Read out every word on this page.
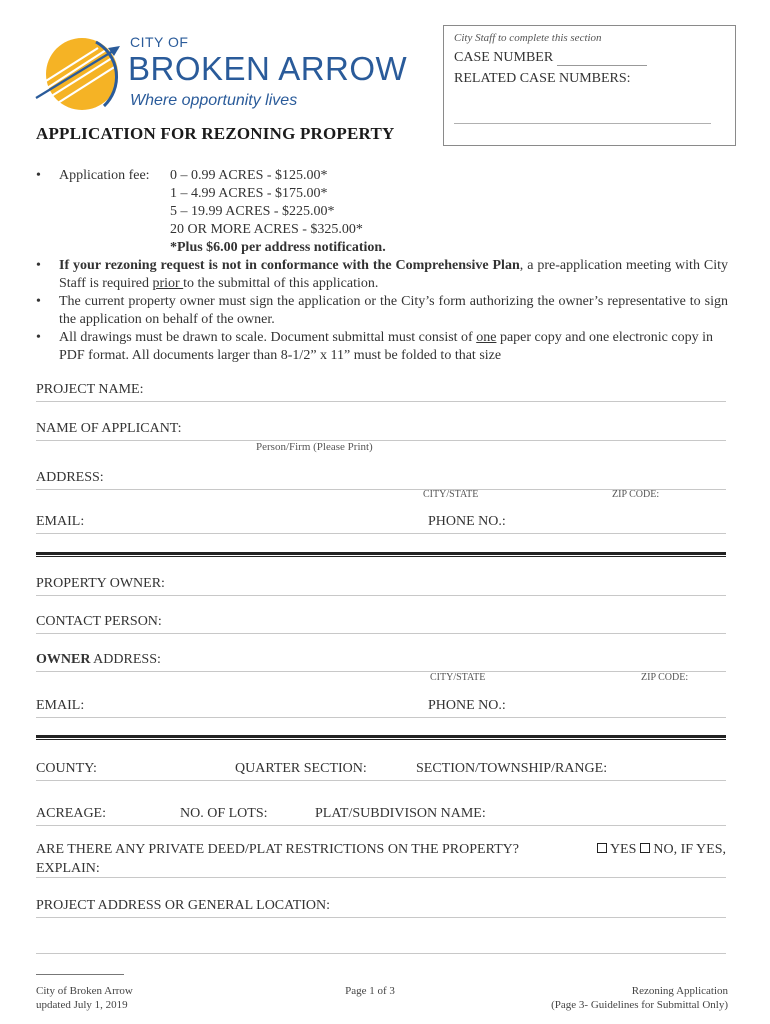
CITY OF
BROKEN ARROW
Where opportunity lives
City Staff to complete this section
CASE NUMBER
RELATED CASE NUMBERS:
APPLICATION FOR REZONING PROPERTY
• Application fee:	0 – 0.99 ACRES - $125.00*
1 – 4.99 ACRES - $175.00*
5 – 19.99 ACRES - $225.00*
20 OR MORE ACRES - $325.00*
*Plus $6.00 per address notification.
• If your rezoning request is not in conformance with the Comprehensive Plan, a pre-application meeting with City Staff is required prior to the submittal of this application.
• The current property owner must sign the application or the City’s form authorizing the owner’s representative to sign the application on behalf of the owner.
• All drawings must be drawn to scale. Document submittal must consist of one paper copy and one electronic copy in PDF format. All documents larger than 8-1/2” x 11” must be folded to that size
PROJECT NAME:
NAME OF APPLICANT:
Person/Firm (Please Print)
ADDRESS:
CITY/STATE	ZIP CODE:
EMAIL:	PHONE NO.:
PROPERTY OWNER:
CONTACT PERSON:
OWNER ADDRESS:
CITY/STATE	ZIP CODE:
EMAIL:	PHONE NO.:
COUNTY:	QUARTER SECTION:	SECTION/TOWNSHIP/RANGE:
ACREAGE:	NO. OF LOTS:	PLAT/SUBDIVISON NAME:
ARE THERE ANY PRIVATE DEED/PLAT RESTRICTIONS ON THE PROPERTY?	YES NO, IF YES,
EXPLAIN:
PROJECT ADDRESS OR GENERAL LOCATION:
City of Broken Arrow
updated July 1, 2019
Page 1 of 3	Rezoning Application
(Page 3- Guidelines for Submittal Only)
